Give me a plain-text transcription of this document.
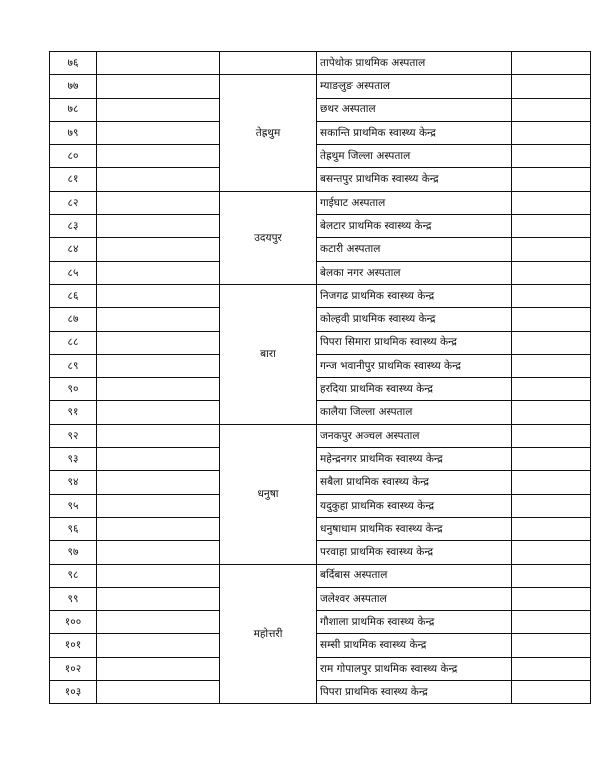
७६			तापेथोक प्राथमिक अस्पताल	
७७		तेह्रथुम	म्याङलुङ अस्पताल	
७८			छथर अस्पताल	
७९			सकान्ति प्राथमिक स्वास्थ्य केन्द्र	
८०			तेह्रथुम जिल्ला अस्पताल	
८१			बसन्तपुर प्राथमिक स्वास्थ्य केन्द्र	
८२		उदयपुर	गाईघाट अस्पताल	
८३			बेलटार प्राथमिक स्वास्थ्य केन्द्र	
८४			कटारी अस्पताल	
८५			बेलका नगर अस्पताल	
८६		बारा	निजगढ प्राथमिक स्वास्थ्य केन्द्र	
८७			कोल्हवी प्राथमिक स्वास्थ्य केन्द्र	
८८			पिपरा सिमारा प्राथमिक स्वास्थ्य केन्द्र	
८९			गन्ज भवानीपुर प्राथमिक स्वास्थ्य केन्द्र	
९०			हरदिया प्राथमिक स्वास्थ्य केन्द्र	
९१			कालैया जिल्ला अस्पताल	
९२		धनुषा	जनकपुर अञ्चल अस्पताल	
९३			महेन्द्रनगर प्राथमिक स्वास्थ्य केन्द्र	
९४			सबैला प्राथमिक स्वास्थ्य केन्द्र	
९५			यदुकुहा प्राथमिक स्वास्थ्य केन्द्र	
९६			धनुषाधाम प्राथमिक स्वास्थ्य केन्द्र	
९७			परवाहा प्राथमिक स्वास्थ्य केन्द्र	
९८		महोत्तरी	बर्दिबास अस्पताल	
९९			जलेश्वर अस्पताल	
१००			गौशाला प्राथमिक स्वास्थ्य केन्द्र	
१०१			सम्सी प्राथमिक स्वास्थ्य केन्द्र	
१०२			राम गोपालपुर प्राथमिक स्वास्थ्य केन्द्र	
१०३			पिपरा प्राथमिक स्वास्थ्य केन्द्र	
